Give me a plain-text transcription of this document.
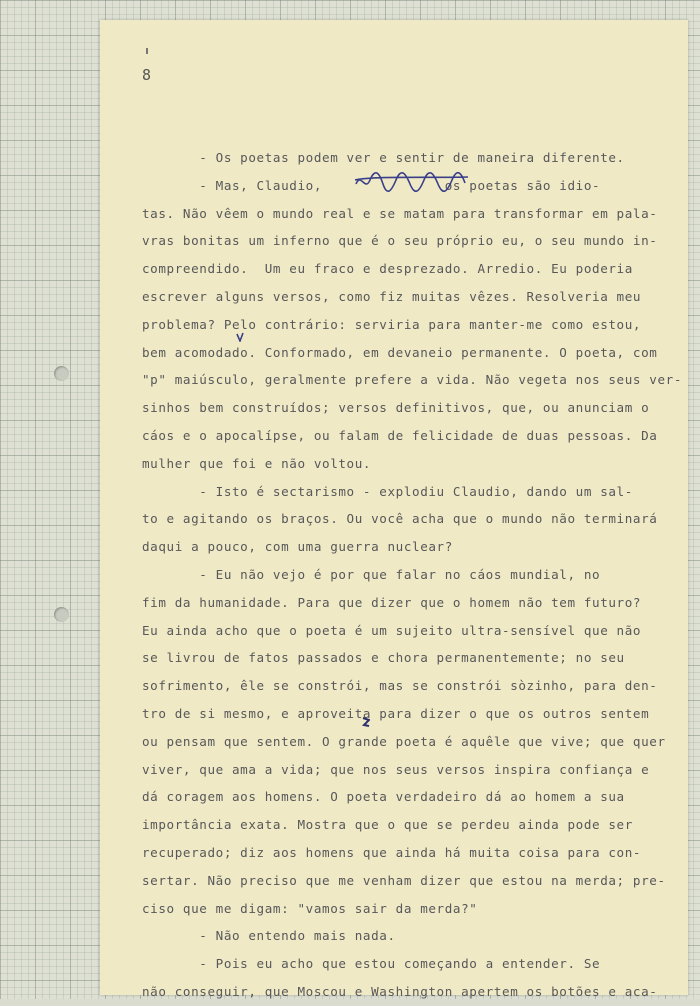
8
- Os poetas podem ver e sentir de maneira diferente.
- Mas, Claudio,               os poetas são idio-
tas. Não vêem o mundo real e se matam para transformar em pala-
vras bonitas um inferno que é o seu próprio eu, o seu mundo in-
compreendido.  Um eu fraco e desprezado. Arredio. Eu poderia
escrever alguns versos, como fiz muitas vêzes. Resolveria meu
problema? Pelo contrário: serviria para manter-me como estou,
bem acomodado. Conformado, em devaneio permanente. O poeta, com
"p" maiúsculo, geralmente prefere a vida. Não vegeta nos seus ver-
sinhos bem construídos; versos definitivos, que, ou anunciam o
cáos e o apocalípse, ou falam de felicidade de duas pessoas. Da
mulher que foi e não voltou.
- Isto é sectarismo - explodiu Claudio, dando um sal-
to e agitando os braços. Ou você acha que o mundo não terminará
daqui a pouco, com uma guerra nuclear?
- Eu não vejo é por que falar no cáos mundial, no
fim da humanidade. Para que dizer que o homem não tem futuro?
Eu ainda acho que o poeta é um sujeito ultra-sensível que não
se livrou de fatos passados e chora permanentemente; no seu
sofrimento, êle se constrói, mas se constrói sòzinho, para den-
tro de si mesmo, e aproveita para dizer o que os outros sentem
ou pensam que sentem. O grande poeta é aquêle que vive; que quer
viver, que ama a vida; que nos seus versos inspira confiança e
dá coragem aos homens. O poeta verdadeiro dá ao homem a sua
importância exata. Mostra que o que se perdeu ainda pode ser
recuperado; diz aos homens que ainda há muita coisa para con-
sertar. Não preciso que me venham dizer que estou na merda; pre-
ciso que me digam: "vamos sair da merda?"
- Não entendo mais nada.
- Pois eu acho que estou começando a entender. Se
não conseguir, que Moscou e Washington apertem os botões e aca-
